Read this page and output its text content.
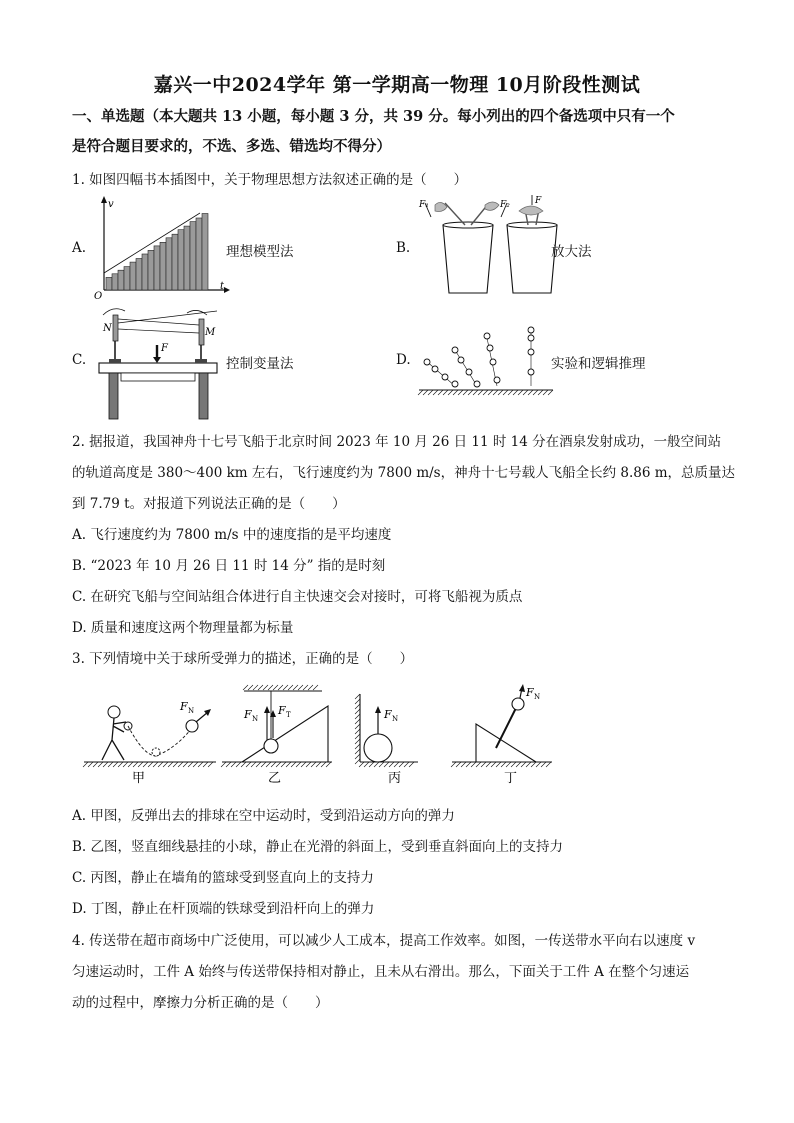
嘉兴一中2024学年 第一学期高一物理 10月阶段性测试
一、单选题（本大题共 13 小题，每小题 3 分，共 39 分。每小列出的四个备选项中只有一个
是符合题目要求的，不选、多选、错选均不得分）
1. 如图四幅书本插图中，关于物理思想方法叙述正确的是（　　）
A.
v
O
t
理想模型法	B.
F₁	F₂	F
放大法
C.
N	M
F
控制变量法	D.	实验和逻辑推理
2. 据报道，我国神舟十七号飞船于北京时间 2023 年 10 月 26 日 11 时 14 分在酒泉发射成功，一般空间站
的轨道高度是 380～400 km 左右，飞行速度约为 7800 m/s，神舟十七号载人飞船全长约 8.86 m，总质量达
到 7.79 t。对报道下列说法正确的是（　　）
A. 飞行速度约为 7800 m/s 中的速度指的是平均速度
B. “2023 年 10 月 26 日 11 时 14 分” 指的是时刻
C. 在研究飞船与空间站组合体进行自主快速交会对接时，可将飞船视为质点
D. 质量和速度这两个物理量都为标量
3. 下列情境中关于球所受弹力的描述，正确的是（　　）
F N
甲
F N
F T
乙
F N
丙
F N
丁
A. 甲图，反弹出去的排球在空中运动时，受到沿运动方向的弹力
B. 乙图，竖直细线悬挂的小球，静止在光滑的斜面上，受到垂直斜面向上的支持力
C. 丙图，静止在墙角的篮球受到竖直向上的支持力
D. 丁图，静止在杆顶端的铁球受到沿杆向上的弹力
4. 传送带在超市商场中广泛使用，可以减少人工成本，提高工作效率。如图，一传送带水平向右以速度 v
匀速运动时，工件 A 始终与传送带保持相对静止，且未从右滑出。那么，下面关于工件 A 在整个匀速运
动的过程中，摩擦力分析正确的是（　　）
